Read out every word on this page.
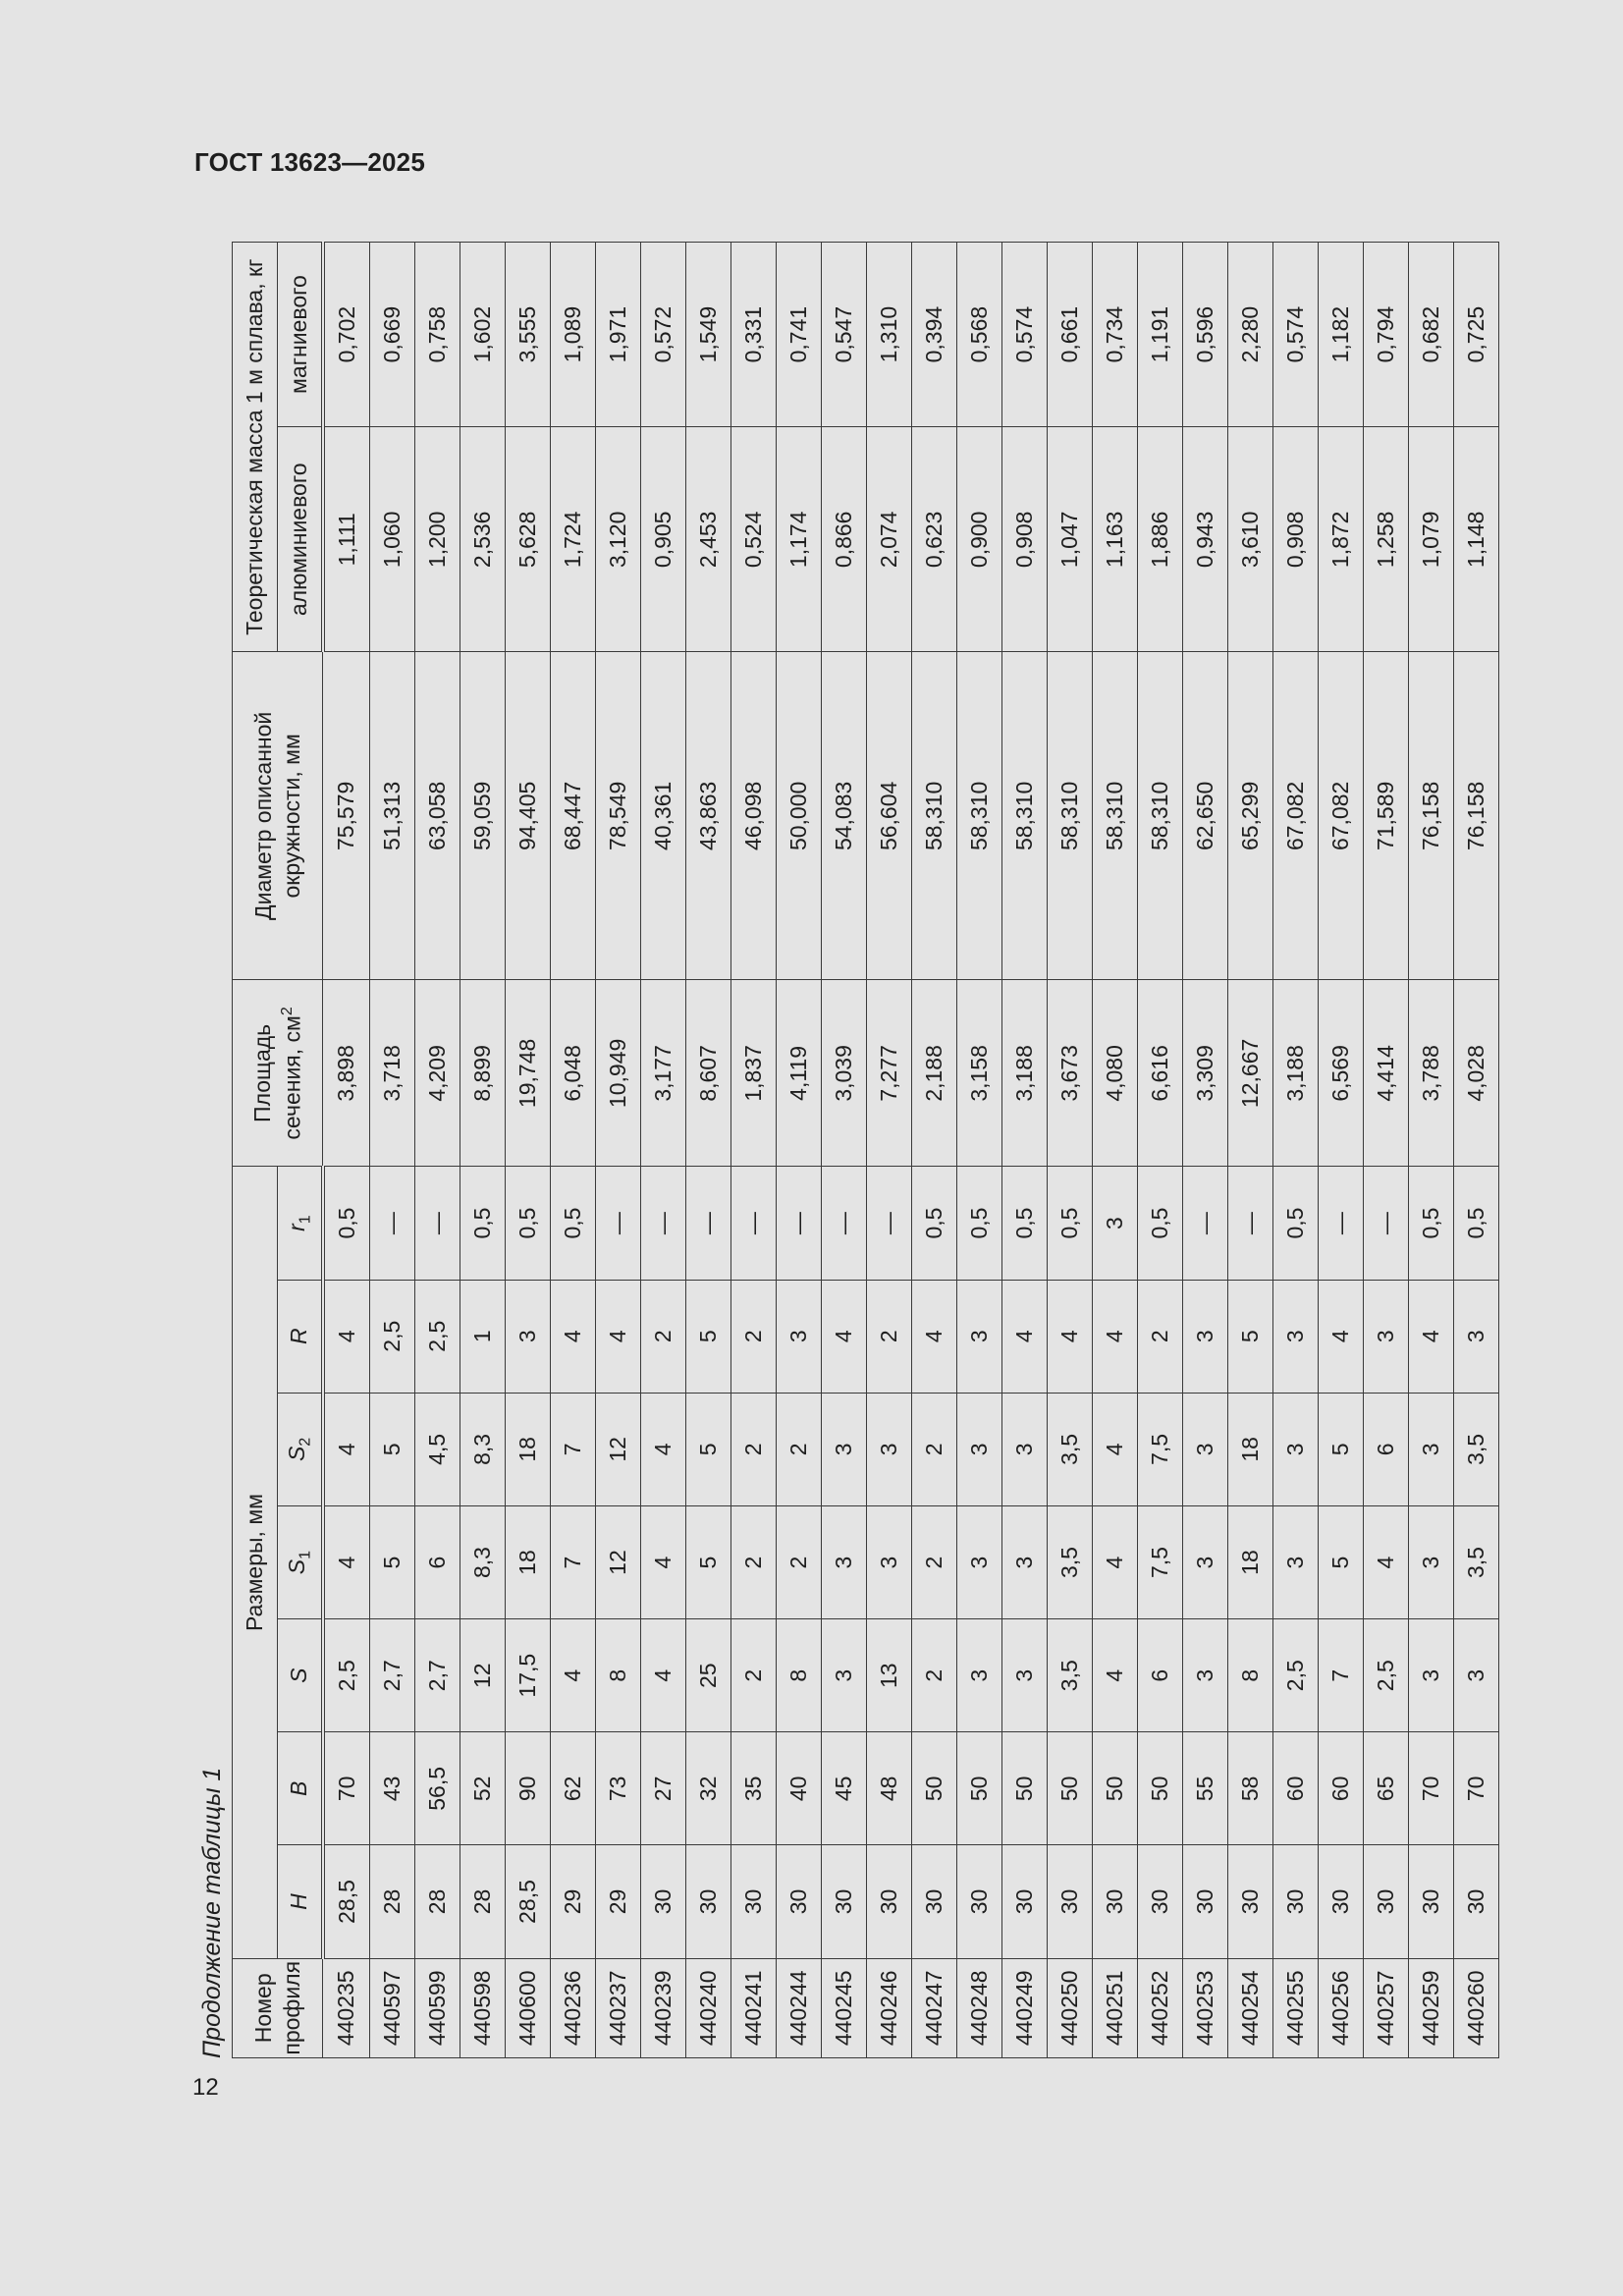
ГОСТ 13623—2025
Продолжение таблицы 1 Номер профиля	Размеры, мм							Площадь сечения, $см^2$	Диаметр описанной окружности, мм	Теоретическая масса 1 м сплава, кг	
	H	B	S	$S_1$	$S_2$	R	$r_1$			алюминиевого	магниевого
440235	28,5	70	2,5	4	4	4	0,5	3,898	75,579	1,111	0,702
440597	28	43	2,7	5	5	2,5	—	3,718	51,313	1,060	0,669
440599	28	56,5	2,7	6	4,5	2,5	—	4,209	63,058	1,200	0,758
440598	28	52	12	8,3	8,3	1	0,5	8,899	59,059	2,536	1,602
440600	28,5	90	17,5	18	18	3	0,5	19,748	94,405	5,628	3,555
440236	29	62	4	7	7	4	0,5	6,048	68,447	1,724	1,089
440237	29	73	8	12	12	4	—	10,949	78,549	3,120	1,971
440239	30	27	4	4	4	2	—	3,177	40,361	0,905	0,572
440240	30	32	25	5	5	5	—	8,607	43,863	2,453	1,549
440241	30	35	2	2	2	2	—	1,837	46,098	0,524	0,331
440244	30	40	8	2	2	3	—	4,119	50,000	1,174	0,741
440245	30	45	3	3	3	4	—	3,039	54,083	0,866	0,547
440246	30	48	13	3	3	2	—	7,277	56,604	2,074	1,310
440247	30	50	2	2	2	4	0,5	2,188	58,310	0,623	0,394
440248	30	50	3	3	3	3	0,5	3,158	58,310	0,900	0,568
440249	30	50	3	3	3	4	0,5	3,188	58,310	0,908	0,574
440250	30	50	3,5	3,5	3,5	4	0,5	3,673	58,310	1,047	0,661
440251	30	50	4	4	4	4	3	4,080	58,310	1,163	0,734
440252	30	50	6	7,5	7,5	2	0,5	6,616	58,310	1,886	1,191
440253	30	55	3	3	3	3	—	3,309	62,650	0,943	0,596
440254	30	58	8	18	18	5	—	12,667	65,299	3,610	2,280
440255	30	60	2,5	3	3	3	0,5	3,188	67,082	0,908	0,574
440256	30	60	7	5	5	4	—	6,569	67,082	1,872	1,182
440257	30	65	2,5	4	6	3	—	4,414	71,589	1,258	0,794
440259	30	70	3	3	3	4	0,5	3,788	76,158	1,079	0,682
440260	30	70	3	3,5	3,5	3	0,5	4,028	76,158	1,148	0,725
12
